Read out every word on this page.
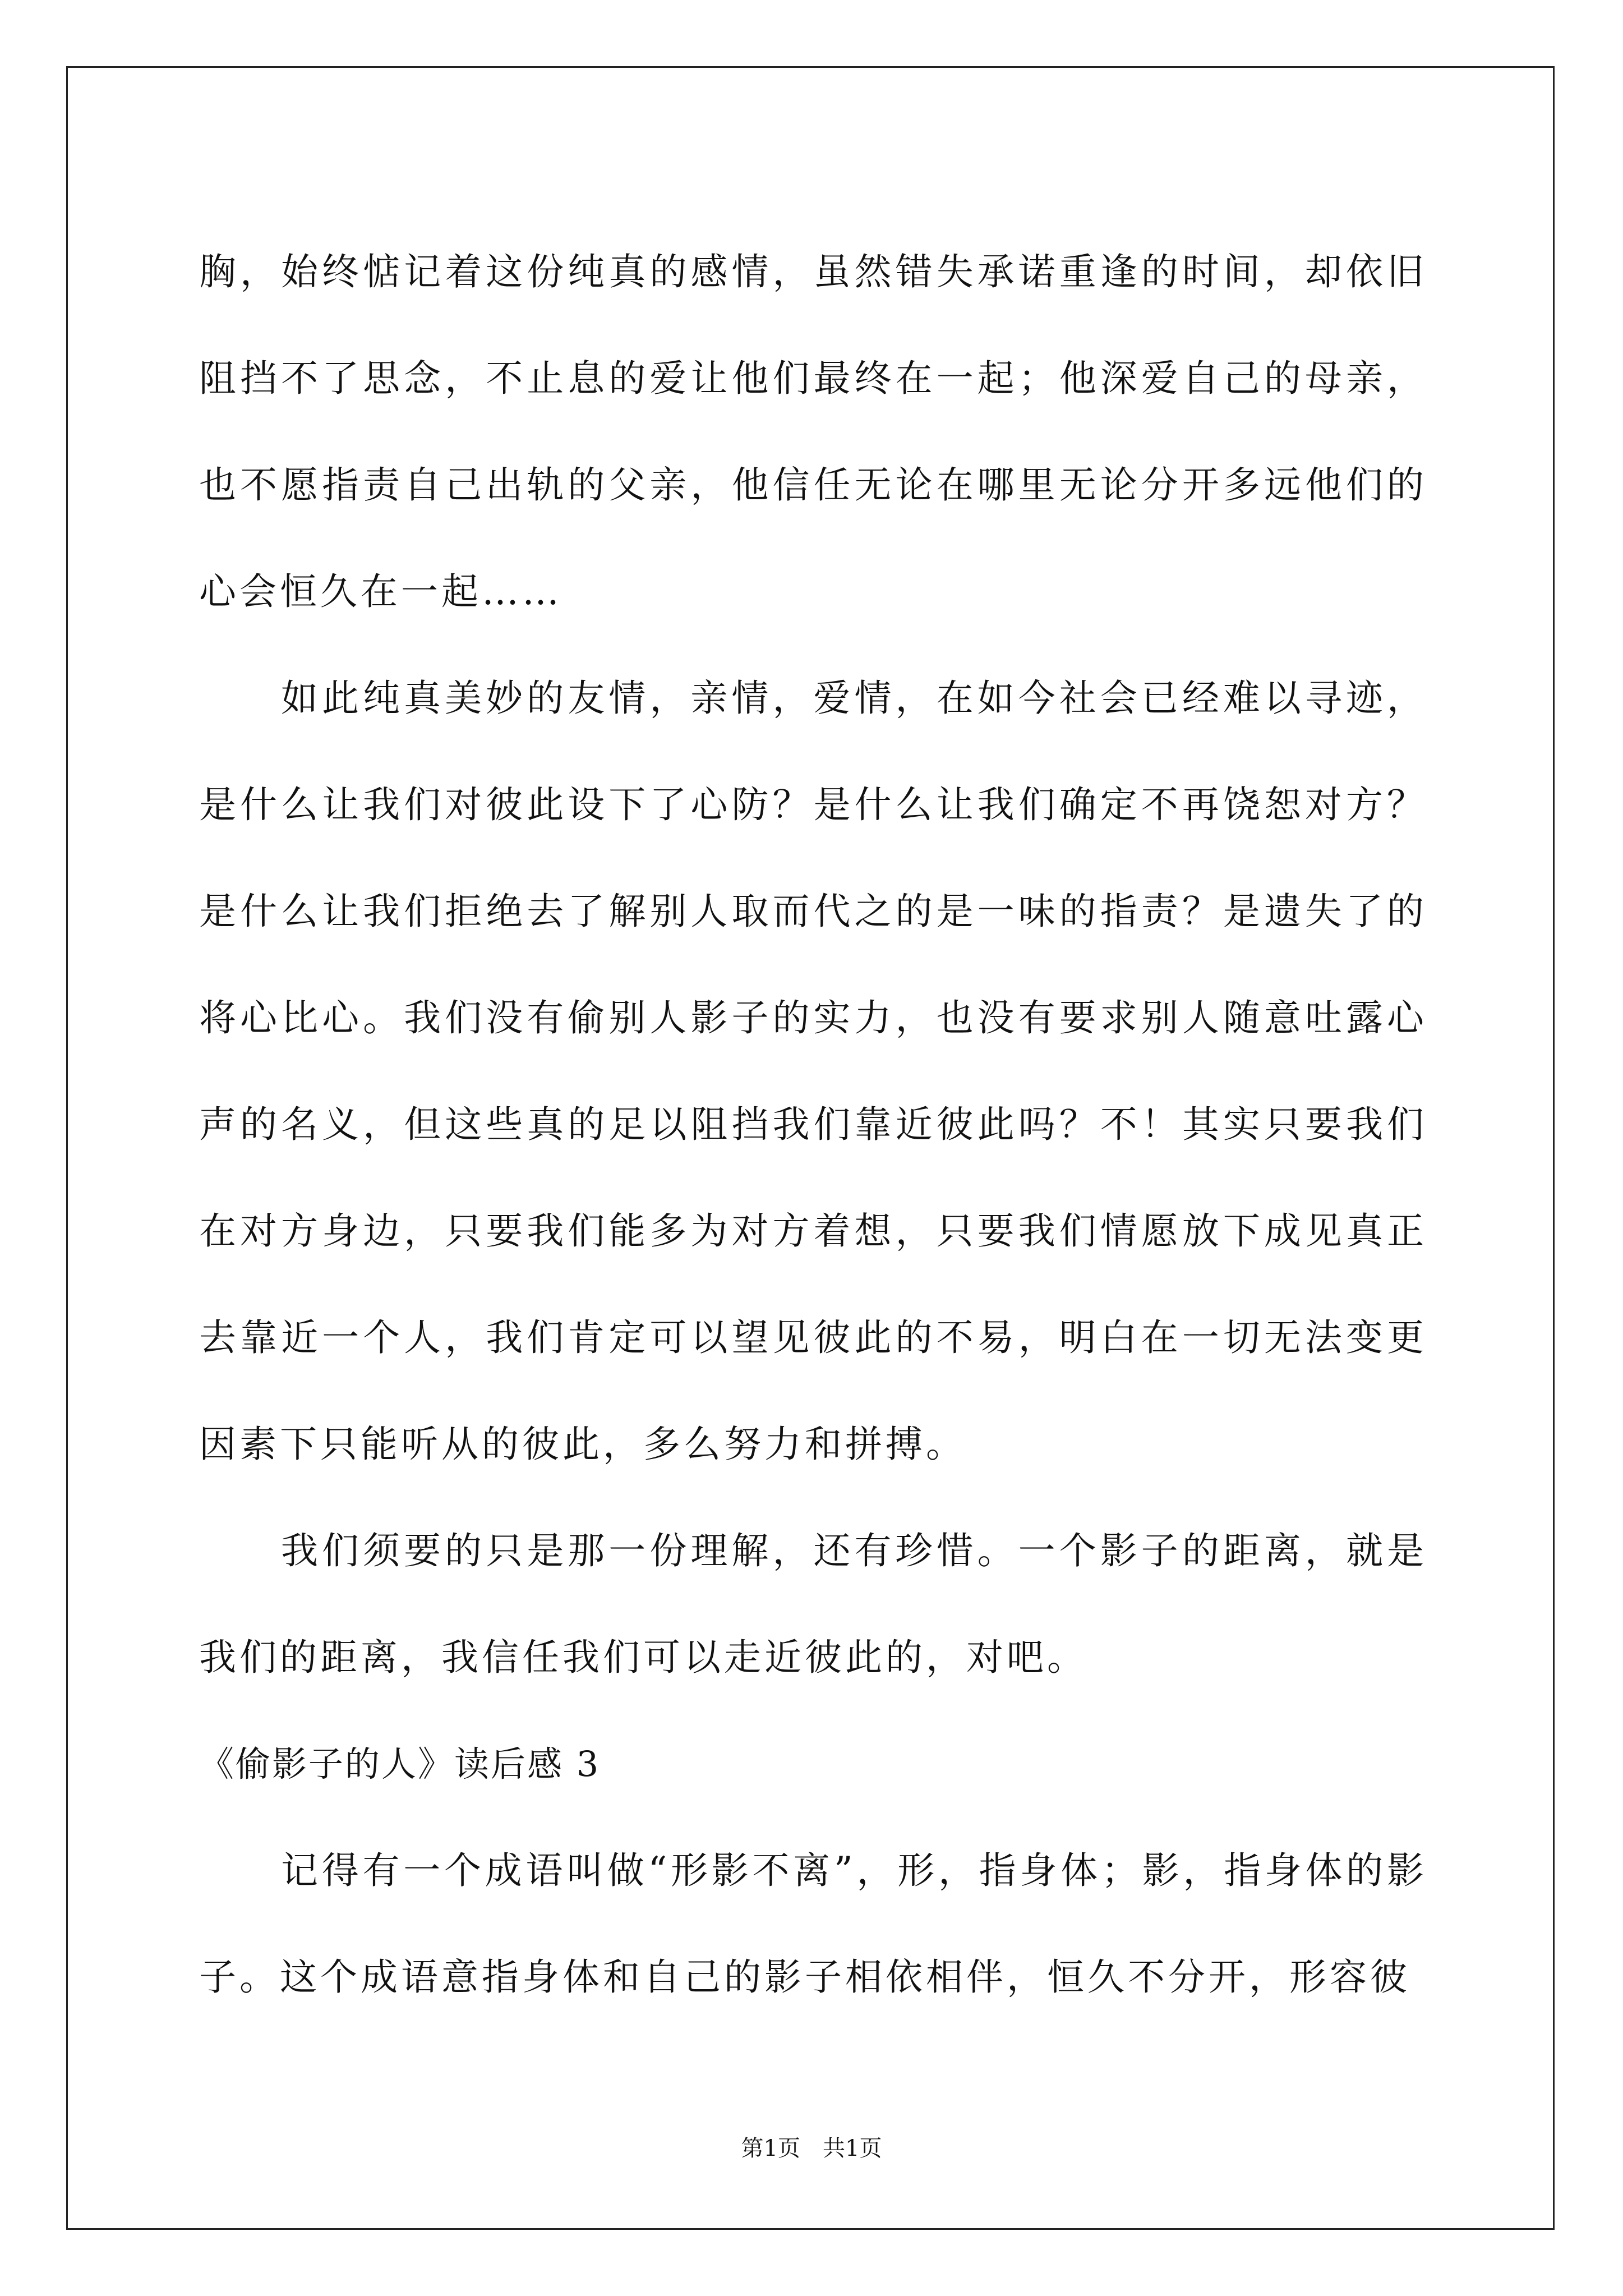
胸，始终惦记着这份纯真的感情，虽然错失承诺重逢的时间，却依旧阻挡不了思念，不止息的爱让他们最终在一起；他深爱自己的母亲，也不愿指责自己出轨的父亲，他信任无论在哪里无论分开多远他们的心会恒久在一起……

如此纯真美妙的友情，亲情，爱情，在如今社会已经难以寻迹，是什么让我们对彼此设下了心防？是什么让我们确定不再饶恕对方？是什么让我们拒绝去了解别人取而代之的是一味的指责？是遗失了的将心比心。我们没有偷别人影子的实力，也没有要求别人随意吐露心声的名义，但这些真的足以阻挡我们靠近彼此吗？不！其实只要我们在对方身边，只要我们能多为对方着想，只要我们情愿放下成见真正去靠近一个人，我们肯定可以望见彼此的不易，明白在一切无法变更因素下只能听从的彼此，多么努力和拼搏。

我们须要的只是那一份理解，还有珍惜。一个影子的距离，就是我们的距离，我信任我们可以走近彼此的，对吧。

《偷影子的人》读后感 3

记得有一个成语叫做“形影不离”，形，指身体；影，指身体的影子。这个成语意指身体和自己的影子相依相伴，恒久不分开，形容彼

第1页　共1页
